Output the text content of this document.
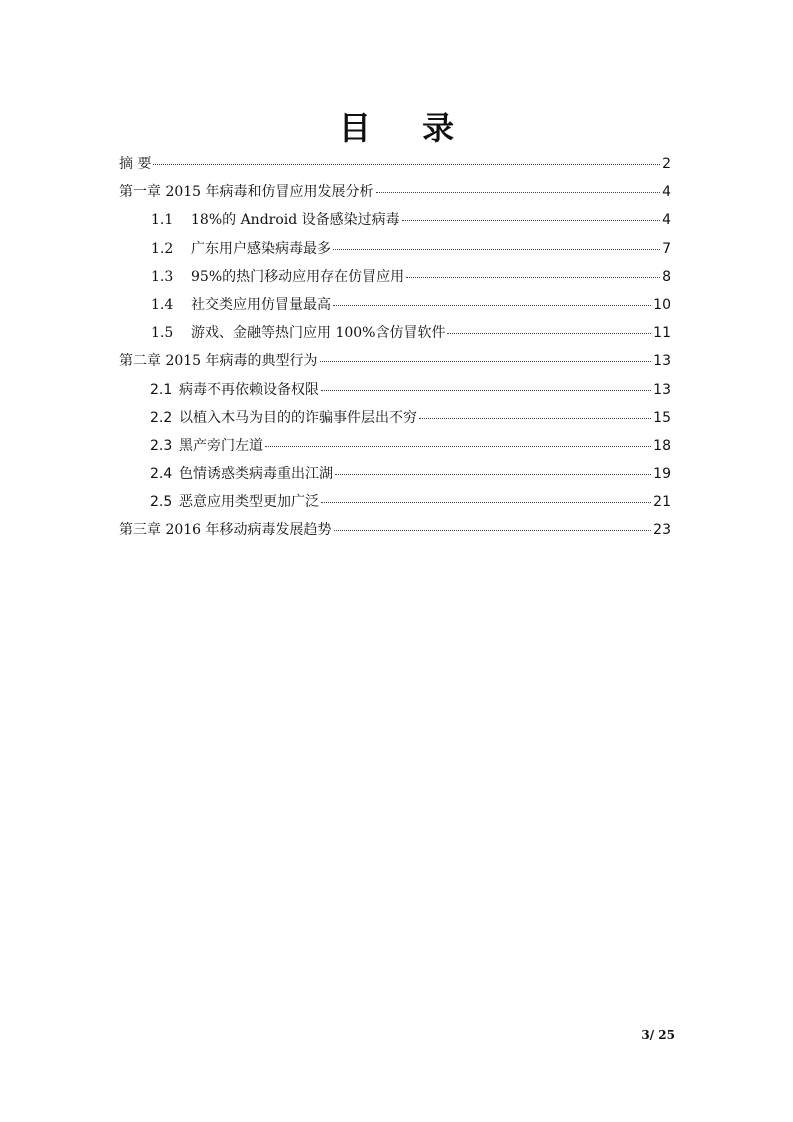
目 录
摘 要	2
第一章 2015 年病毒和仿冒应用发展分析	4
1.1 18%的 Android 设备感染过病毒	4
1.2 广东用户感染病毒最多	7
1.3 95%的热门移动应用存在仿冒应用	8
1.4 社交类应用仿冒量最高	10
1.5 游戏、金融等热门应用 100%含仿冒软件	11
第二章 2015 年病毒的典型行为	13
2.1 病毒不再依赖设备权限	13
2.2 以植入木马为目的的诈骗事件层出不穷	15
2.3 黑产旁门左道	18
2.4 色情诱惑类病毒重出江湖	19
2.5 恶意应用类型更加广泛	21
第三章 2016 年移动病毒发展趋势	23
3/ 25
